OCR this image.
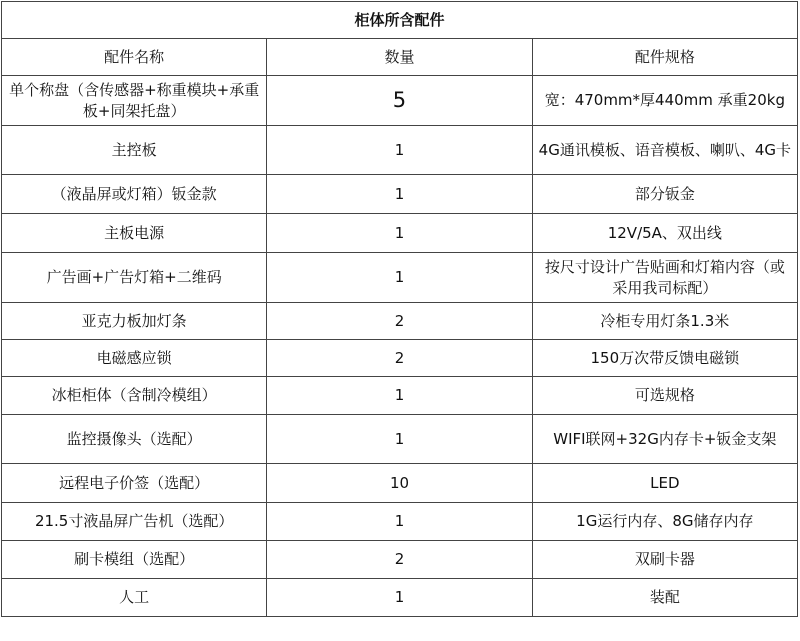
柜体所含配件		
配件名称	数量	配件规格
单个称盘（含传感器+称重模块+承重板+同架托盘）	5	宽：470mm*厚440mm 承重20kg
主控板	1	4G通讯模板、语音模板、喇叭、4G卡
（液晶屏或灯箱）钣金款	1	部分钣金
主板电源	1	12V/5A、双出线
广告画+广告灯箱+二维码	1	按尺寸设计广告贴画和灯箱内容（或采用我司标配）
亚克力板加灯条	2	冷柜专用灯条1.3米
电磁感应锁	2	150万次带反馈电磁锁
冰柜柜体（含制冷模组）	1	可选规格
监控摄像头（选配）	1	WIFI联网+32G内存卡+钣金支架
远程电子价签（选配）	10	LED
21.5寸液晶屏广告机（选配）	1	1G运行内存、8G储存内存
刷卡模组（选配）	2	双刷卡器
人工	1	装配
